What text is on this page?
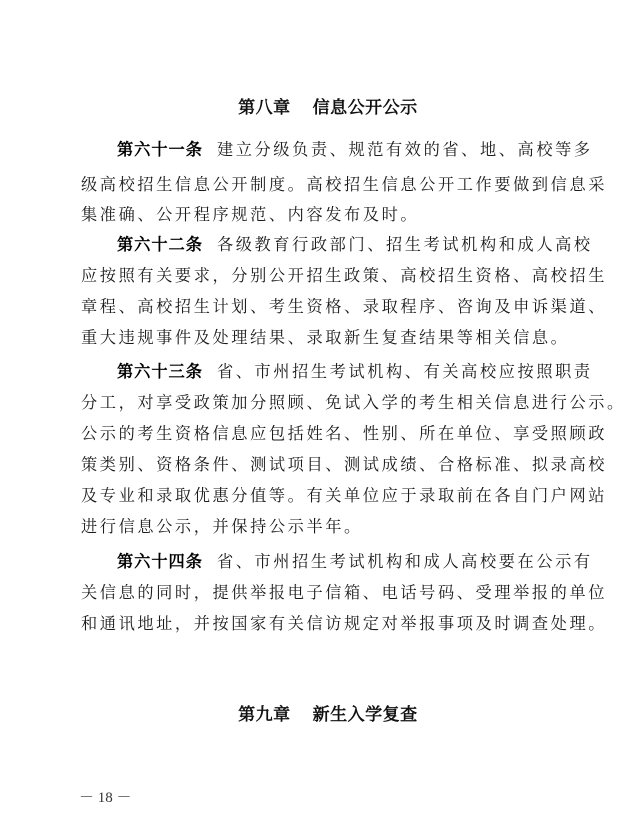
第八章 信息公开公示

第六十一条 建立分级负责、规范有效的省、地、高校等多
级高校招生信息公开制度。高校招生信息公开工作要做到信息采
集准确、公开程序规范、内容发布及时。
第六十二条 各级教育行政部门、招生考试机构和成人高校
应按照有关要求，分别公开招生政策、高校招生资格、高校招生
章程、高校招生计划、考生资格、录取程序、咨询及申诉渠道、
重大违规事件及处理结果、录取新生复查结果等相关信息。
第六十三条 省、市州招生考试机构、有关高校应按照职责
分工，对享受政策加分照顾、免试入学的考生相关信息进行公示。
公示的考生资格信息应包括姓名、性别、所在单位、享受照顾政
策类别、资格条件、测试项目、测试成绩、合格标准、拟录高校
及专业和录取优惠分值等。有关单位应于录取前在各自门户网站
进行信息公示，并保持公示半年。
第六十四条 省、市州招生考试机构和成人高校要在公示有
关信息的同时，提供举报电子信箱、电话号码、受理举报的单位
和通讯地址，并按国家有关信访规定对举报事项及时调查处理。

第九章 新生入学复查

－ 18 －
